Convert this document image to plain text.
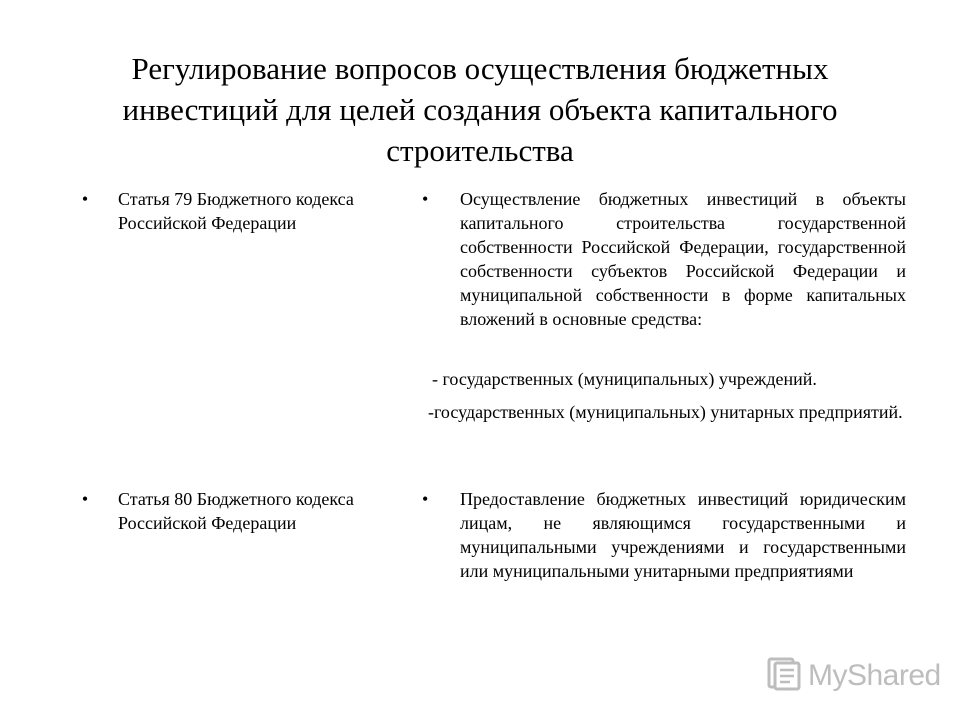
Регулирование вопросов осуществления бюджетных инвестиций для целей создания объекта капитального строительства
• Статья 79 Бюджетного кодекса Российской Федерации
•	Осуществление бюджетных инвестиций в объекты капитального строительства государственной собственности Российской Федерации, государственной собственности субъектов Российской Федерации и муниципальной собственности в форме капитальных вложений в основные средства:
- государственных (муниципальных) учреждений.
-государственных (муниципальных) унитарных предприятий.
• Статья 80 Бюджетного кодекса Российской Федерации
•	Предоставление бюджетных инвестиций юридическим лицам, не являющимся государственными и муниципальными учреждениями и государственными или муниципальными унитарными предприятиями
MyShared
